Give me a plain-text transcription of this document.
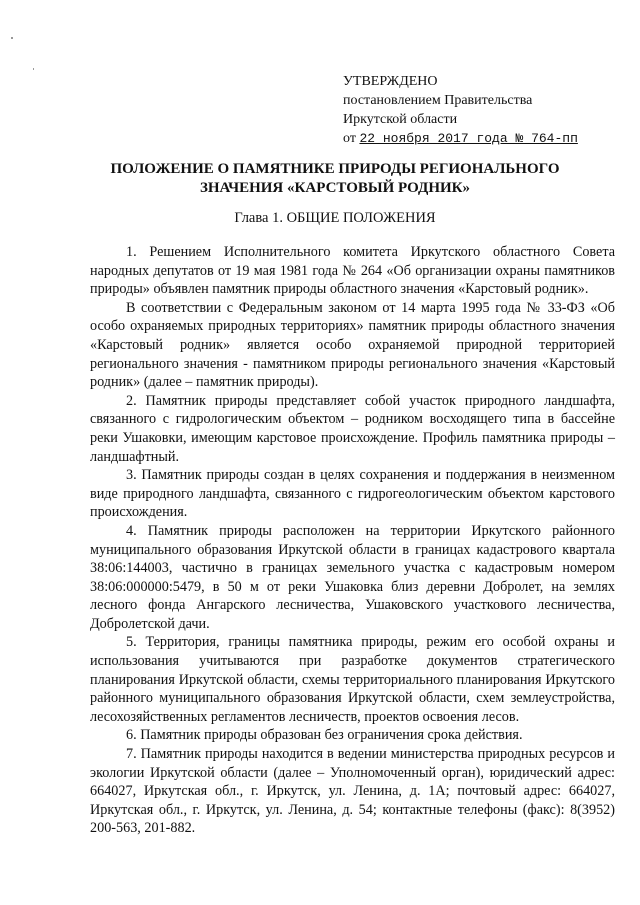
УТВЕРЖДЕНО
постановлением Правительства
Иркутской области
от 22 ноября 2017 года № 764-пп
ПОЛОЖЕНИЕ О ПАМЯТНИКЕ ПРИРОДЫ РЕГИОНАЛЬНОГО
ЗНАЧЕНИЯ «КАРСТОВЫЙ РОДНИК»
Глава 1. ОБЩИЕ ПОЛОЖЕНИЯ

1. Решением Исполнительного комитета Иркутского областного Совета народных депутатов от 19 мая 1981 года № 264 «Об организации охраны памятников природы» объявлен памятник природы областного значения «Карстовый родник».

В соответствии с Федеральным законом от 14 марта 1995 года № 33-ФЗ «Об особо охраняемых природных территориях» памятник природы областного значения «Карстовый родник» является особо охраняемой природной территорией регионального значения - памятником природы регионального значения «Карстовый родник» (далее – памятник природы).

2. Памятник природы представляет собой участок природного ландшафта, связанного с гидрологическим объектом – родником восходящего типа в бассейне реки Ушаковки, имеющим карстовое происхождение. Профиль памятника природы – ландшафтный.

3. Памятник природы создан в целях сохранения и поддержания в неизменном виде природного ландшафта, связанного с гидрогеологическим объектом карстового происхождения.

4. Памятник природы расположен на территории Иркутского районного муниципального образования Иркутской области в границах кадастрового квартала 38:06:144003, частично в границах земельного участка с кадастровым номером 38:06:000000:5479, в 50 м от реки Ушаковка близ деревни Добролет, на землях лесного фонда Ангарского лесничества, Ушаковского участкового лесничества, Добролетской дачи.

5. Территория, границы памятника природы, режим его особой охраны и использования учитываются при разработке документов стратегического планирования Иркутской области, схемы территориального планирования Иркутского районного муниципального образования Иркутской области, схем землеустройства, лесохозяйственных регламентов лесничеств, проектов освоения лесов.

6. Памятник природы образован без ограничения срока действия.

7. Памятник природы находится в ведении министерства природных ресурсов и экологии Иркутской области (далее – Уполномоченный орган), юридический адрес: 664027, Иркутская обл., г. Иркутск, ул. Ленина, д. 1А; почтовый адрес: 664027, Иркутская обл., г. Иркутск, ул. Ленина, д. 54; контактные телефоны (факс): 8(3952) 200-563, 201-882.
